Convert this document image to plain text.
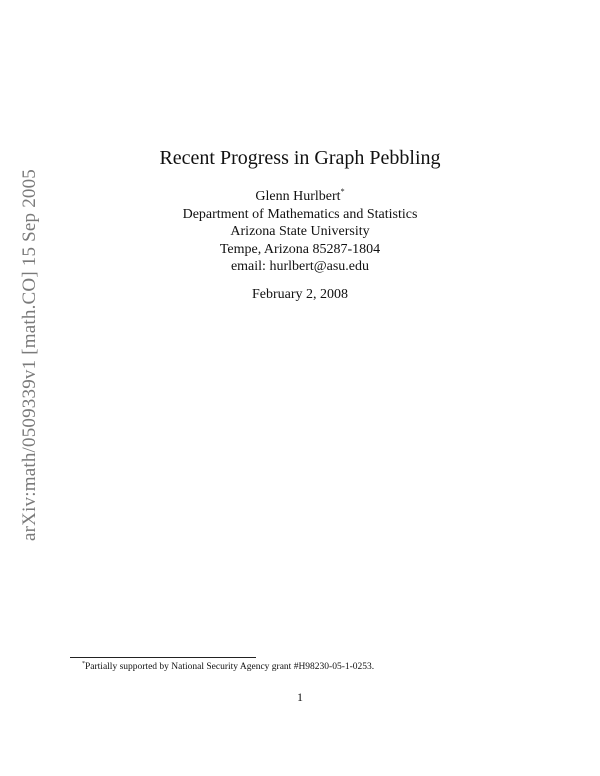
arXiv:math/0509339v1 [math.CO] 15 Sep 2005
Recent Progress in Graph Pebbling
Glenn Hurlbert*
Department of Mathematics and Statistics
Arizona State University
Tempe, Arizona 85287-1804
email: hurlbert@asu.edu
February 2, 2008
*Partially supported by National Security Agency grant #H98230-05-1-0253.
1
